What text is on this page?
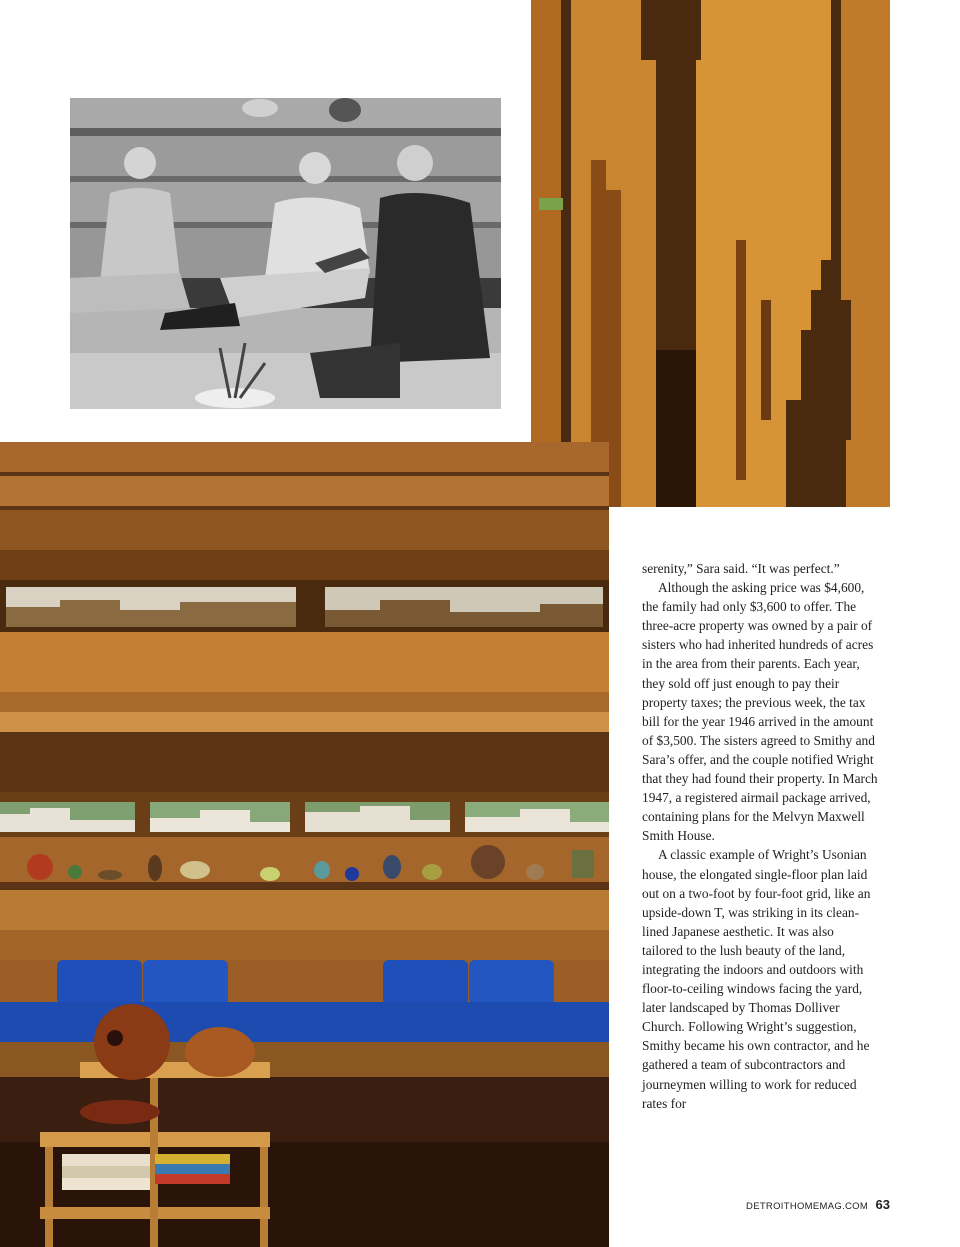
serenity,” Sara said. “It was perfect.”

Although the asking price was $4,600, the family had only $3,600 to offer. The three-acre property was owned by a pair of sisters who had inherited hundreds of acres in the area from their parents. Each year, they sold off just enough to pay their property taxes; the previous week, the tax bill for the year 1946 arrived in the amount of $3,500. The sisters agreed to Smithy and Sara’s offer, and the couple notified Wright that they had found their property. In March 1947, a registered airmail package arrived, containing plans for the Melvyn Maxwell Smith House.

A classic example of Wright’s Usonian house, the elongated single-floor plan laid out on a two-foot by four-foot grid, like an upside-down T, was striking in its clean-lined Japanese aesthetic. It was also tailored to the lush beauty of the land, integrating the indoors and outdoors with floor-to-ceiling windows facing the yard, later landscaped by Thomas Dolliver Church. Following Wright’s suggestion, Smithy became his own contractor, and he gathered a team of subcontractors and journeymen willing to work for reduced rates for

DETROITHOMEMAG.COM 63
